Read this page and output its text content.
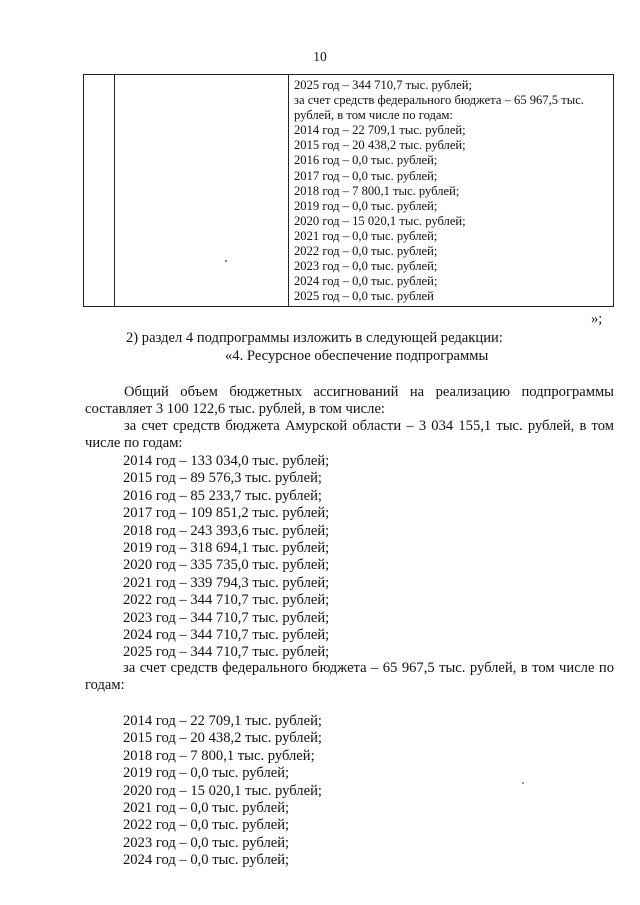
10

2025 год – 344 710,7 тыс. рублей;
за счет средств федерального бюджета – 65 967,5 тыс.
рублей, в том числе по годам:
2014 год – 22 709,1 тыс. рублей;
2015 год – 20 438,2 тыс. рублей;
2016 год – 0,0 тыс. рублей;
2017 год – 0,0 тыс. рублей;
2018 год – 7 800,1 тыс. рублей;
2019 год – 0,0 тыс. рублей;
2020 год – 15 020,1 тыс. рублей;
2021 год – 0,0 тыс. рублей;
2022 год – 0,0 тыс. рублей;
2023 год – 0,0 тыс. рублей;
2024 год – 0,0 тыс. рублей;
2025 год – 0,0 тыс. рублей
»;
2) раздел 4 подпрограммы изложить в следующей редакции:
«4. Ресурсное обеспечение подпрограммы
Общий объем бюджетных ассигнований на реализацию подпрограммы составляет 3 100 122,6 тыс. рублей, в том числе:
за счет средств бюджета Амурской области – 3 034 155,1 тыс. рублей, в том числе по годам:
2014 год – 133 034,0 тыс. рублей;
2015 год – 89 576,3 тыс. рублей;
2016 год – 85 233,7 тыс. рублей;
2017 год – 109 851,2 тыс. рублей;
2018 год – 243 393,6 тыс. рублей;
2019 год – 318 694,1 тыс. рублей;
2020 год – 335 735,0 тыс. рублей;
2021 год – 339 794,3 тыс. рублей;
2022 год – 344 710,7 тыс. рублей;
2023 год – 344 710,7 тыс. рублей;
2024 год – 344 710,7 тыс. рублей;
2025 год – 344 710,7 тыс. рублей;
за счет средств федерального бюджета – 65 967,5 тыс. рублей, в том числе по годам:
2014 год – 22 709,1 тыс. рублей;
2015 год – 20 438,2 тыс. рублей;
2018 год – 7 800,1 тыс. рублей;
2019 год – 0,0 тыс. рублей;
2020 год – 15 020,1 тыс. рублей;
2021 год – 0,0 тыс. рублей;
2022 год – 0,0 тыс. рублей;
2023 год – 0,0 тыс. рублей;
2024 год – 0,0 тыс. рублей;
